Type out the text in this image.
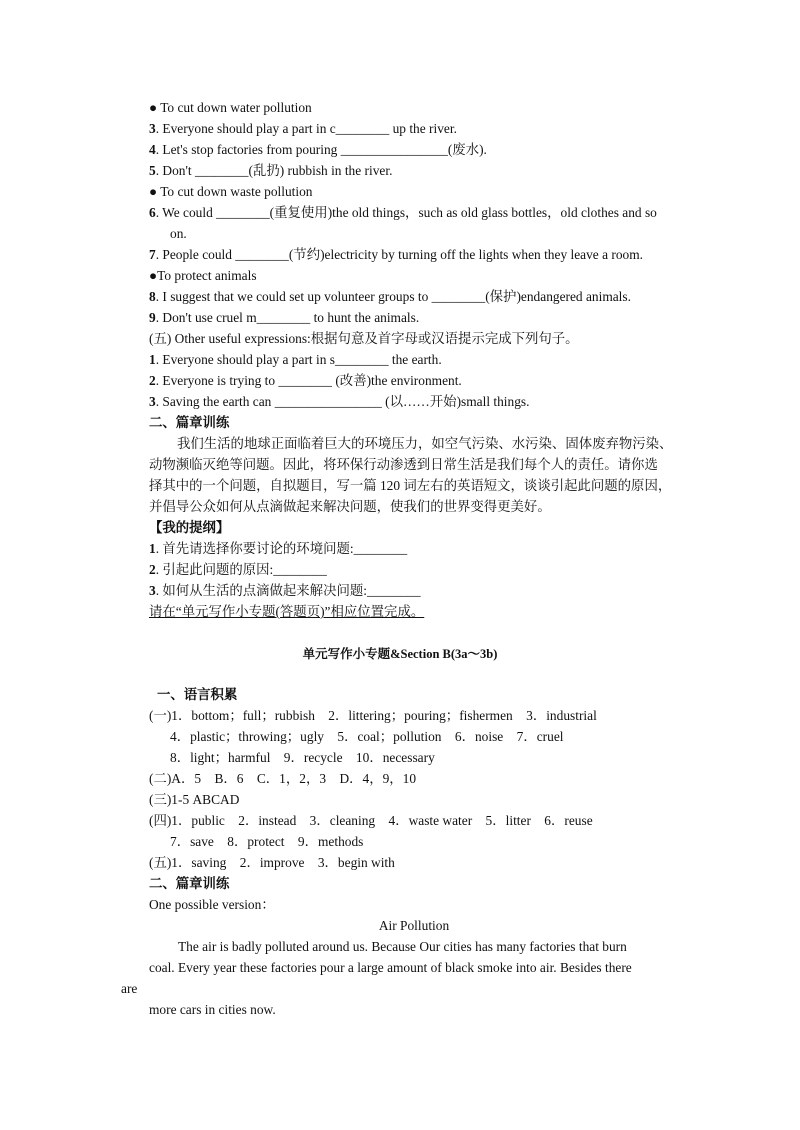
● To cut down water pollution
3. Everyone should play a part in c________ up the river.
4. Let's stop factories from pouring ________________(废水).
5. Don't ________(乱扔) rubbish in the river.
● To cut down waste pollution
6. We could ________(重复使用)the old things，such as old glass bottles，old clothes and so
on.
7. People could ________(节约)electricity by turning off the lights when they leave a room.
●To protect animals
8. I suggest that we could set up volunteer groups to ________(保护)endangered animals.
9. Don't use cruel m________ to hunt the animals.
(五) Other useful expressions:根据句意及首字母或汉语提示完成下列句子。
1. Everyone should play a part in s________ the earth.
2. Everyone is trying to ________ (改善)the environment.
3. Saving the earth can ________________ (以……开始)small things.
二、篇章训练
我们生活的地球正面临着巨大的环境压力，如空气污染、水污染、固体废弃物污染、
动物濒临灭绝等问题。因此，将环保行动渗透到日常生活是我们每个人的责任。请你选
择其中的一个问题，自拟题目，写一篇 120 词左右的英语短文，谈谈引起此问题的原因，
并倡导公众如何从点滴做起来解决问题，使我们的世界变得更美好。
【我的提纲】
1. 首先请选择你要讨论的环境问题:________
2. 引起此问题的原因:________
3. 如何从生活的点滴做起来解决问题:________
请在“单元写作小专题(答题页)”相应位置完成。
单元写作小专题&Section B(3a～3b)
一、语言积累
(一)1．bottom；full；rubbish　2．littering；pouring；fishermen　3．industrial
4．plastic；throwing；ugly　5．coal；pollution　6．noise　7．cruel
8．light；harmful　9．recycle　10．necessary
(二)A．5　B．6　C．1，2，3　D．4，9，10
(三)1-5 ABCAD
(四)1．public　2．instead　3．cleaning　4．waste water　5．litter　6．reuse
7．save　8．protect　9．methods
(五)1．saving　2．improve　3．begin with
二、篇章训练
One possible version：
Air Pollution
The air is badly polluted around us. Because Our cities has many factories that burn
coal. Every year these factories pour a large amount of black smoke into air. Besides there
are
more cars in cities now.
